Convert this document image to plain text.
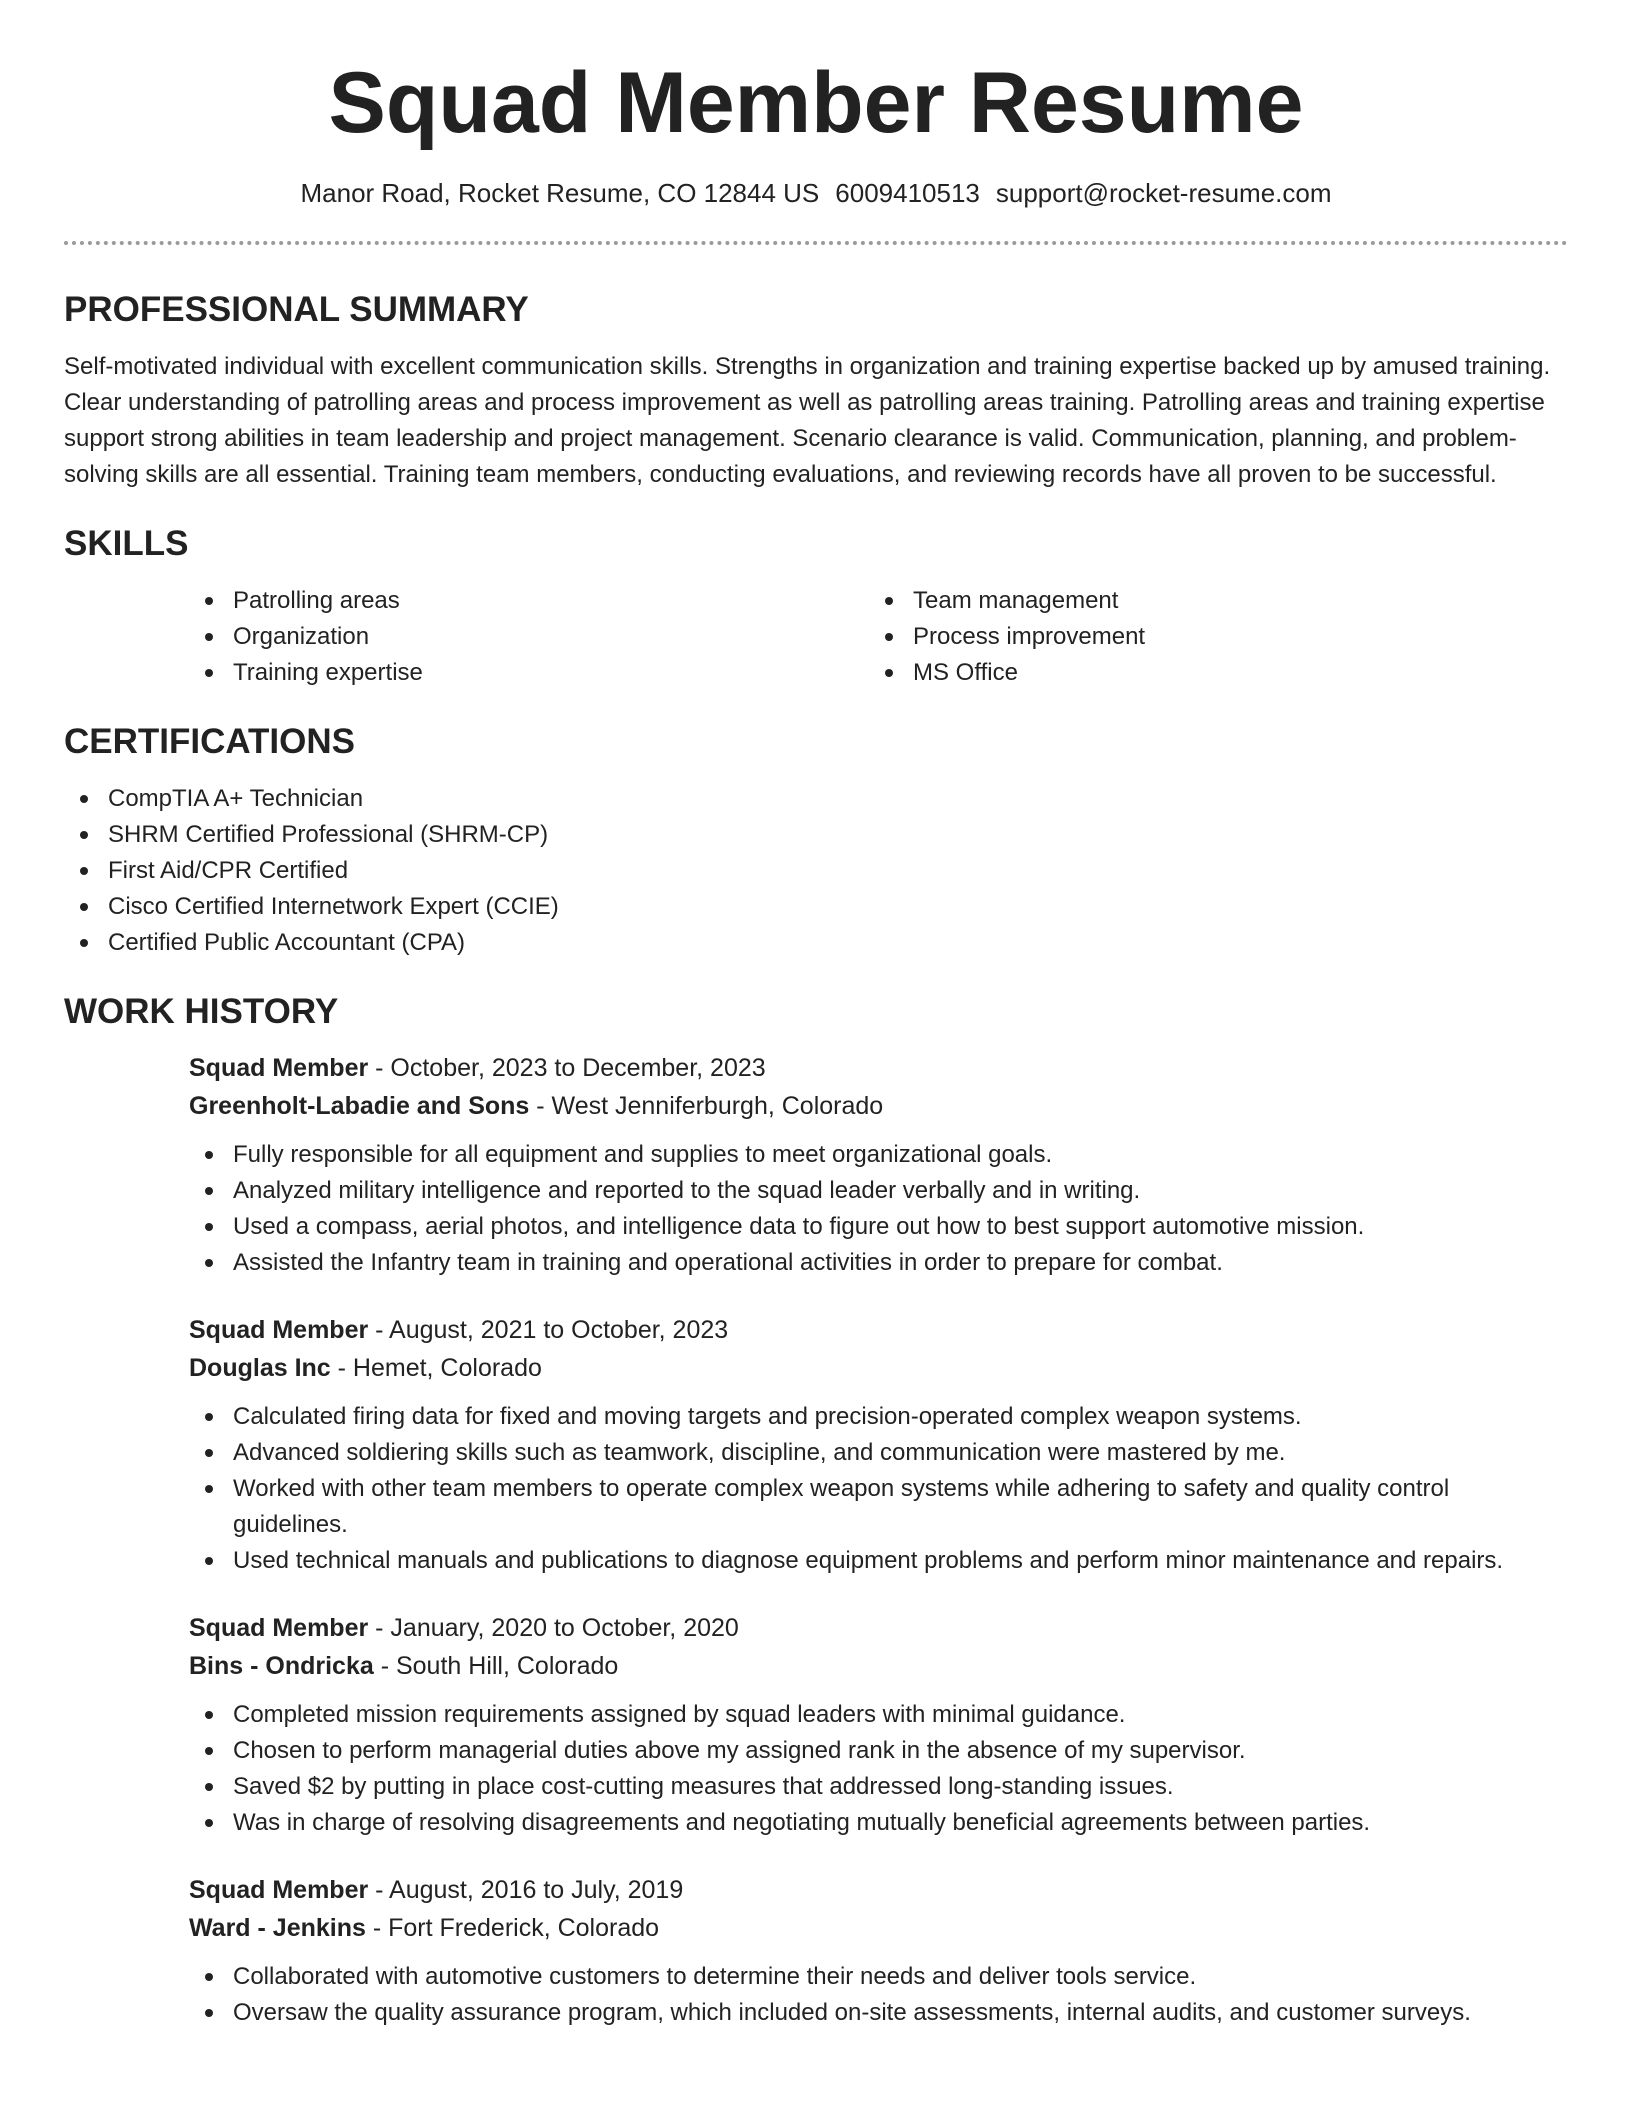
Squad Member Resume
Manor Road, Rocket Resume, CO 12844 US 6009410513 support@rocket-resume.com
PROFESSIONAL SUMMARY

Self-motivated individual with excellent communication skills. Strengths in organization and training expertise backed up by amused training. Clear understanding of patrolling areas and process improvement as well as patrolling areas training. Patrolling areas and training expertise support strong abilities in team leadership and project management. Scenario clearance is valid. Communication, planning, and problem-solving skills are all essential. Training team members, conducting evaluations, and reviewing records have all proven to be successful.

SKILLS
Patrolling areas
Organization
Training expertise
Team management
Process improvement
MS Office
CERTIFICATIONS
CompTIA A+ Technician
SHRM Certified Professional (SHRM-CP)
First Aid/CPR Certified
Cisco Certified Internetwork Expert (CCIE)
Certified Public Accountant (CPA)
WORK HISTORY
Squad Member - October, 2023 to December, 2023
Greenholt-Labadie and Sons - West Jenniferburgh, Colorado
Fully responsible for all equipment and supplies to meet organizational goals.
Analyzed military intelligence and reported to the squad leader verbally and in writing.
Used a compass, aerial photos, and intelligence data to figure out how to best support automotive mission.
Assisted the Infantry team in training and operational activities in order to prepare for combat.
Squad Member - August, 2021 to October, 2023
Douglas Inc - Hemet, Colorado
Calculated firing data for fixed and moving targets and precision-operated complex weapon systems.
Advanced soldiering skills such as teamwork, discipline, and communication were mastered by me.
Worked with other team members to operate complex weapon systems while adhering to safety and quality control guidelines.
Used technical manuals and publications to diagnose equipment problems and perform minor maintenance and repairs.
Squad Member - January, 2020 to October, 2020
Bins - Ondricka - South Hill, Colorado
Completed mission requirements assigned by squad leaders with minimal guidance.
Chosen to perform managerial duties above my assigned rank in the absence of my supervisor.
Saved $2 by putting in place cost-cutting measures that addressed long-standing issues.
Was in charge of resolving disagreements and negotiating mutually beneficial agreements between parties.
Squad Member - August, 2016 to July, 2019
Ward - Jenkins - Fort Frederick, Colorado
Collaborated with automotive customers to determine their needs and deliver tools service.
Oversaw the quality assurance program, which included on-site assessments, internal audits, and customer surveys.
